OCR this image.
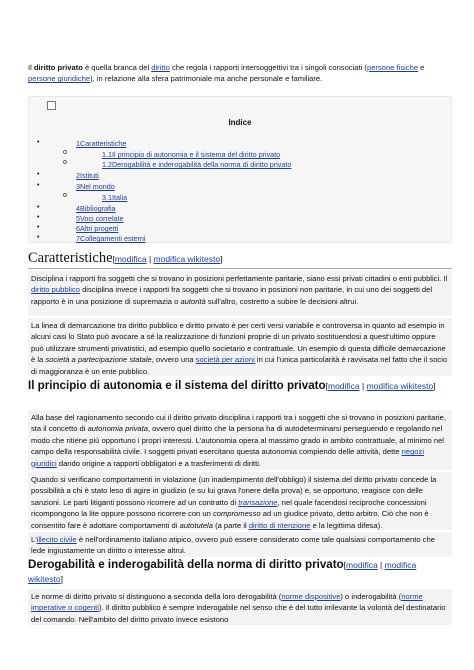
Il diritto privato è quella branca del diritto che regola i rapporti intersoggettivi tra i singoli consociati (persone fisiche e persone giuridiche), in relazione alla sfera patrimoniale ma anche personale e familiare.

Indice
•	1Caratteristiche
o	1.1Il principio di autonomia e il sistema del diritto privato
o	1.2Derogabilità e inderogabilità della norma di diritto privato
•	2Istituti
•	3Nel mondo
o	3.1Italia
•	4Bibliografia
•	5Voci correlate
•	6Altri progetti
•	7Collegamenti esterni
Caratteristiche[modifica | modifica wikitesto]

Disciplina i rapporti fra soggetti che si trovano in posizioni perfettamente paritarie, siano essi privati cittadini o enti pubblici. Il diritto pubblico disciplina invece i rapporti fra soggetti che si trovano in posizioni non paritarie, in cui uno dei soggetti del rapporto è in una posizione di supremazia o autorità sull'altro, costretto a subire le decisioni altrui.

La linea di demarcazione tra diritto pubblico e diritto privato è per certi versi variabile e controversa in quanto ad esempio in alcuni casi lo Stato può avocare a sé la realizzazione di funzioni proprie di un privato sostituendosi a quest'ultimo oppure può utilizzare strumenti privatistici, ad esempio quello societario e contrattuale. Un esempio di questa difficile demarcazione è la società a partecipazione statale, ovvero una società per azioni in cui l'unica particolarità è ravvisata nel fatto che il socio di maggioranza è un ente pubblico.

Il principio di autonomia e il sistema del diritto privato[modifica | modifica wikitesto]

Alla base del ragionamento secondo cui il diritto privato disciplina i rapporti tra i soggetti che si trovano in posizioni paritarie, sta il concetto di autonomia privata, ovvero quel diritto che la persona ha di autodeterminarsi perseguendo e regolando nel modo che ritiene più opportuno i propri interessi. L'autonomia opera al massimo grado in ambito contrattuale, al minimo nel campo della responsabilità civile. I soggetti privati esercitano questa autonomia compiendo delle attività, dette negozi giuridici dando origine a rapporti obbligatori e a trasferimenti di diritti.

Quando si verificano comportamenti in violazione (un inadempimento dell'obbligo) il sistema del diritto privato concede la possibilità a chi è stato leso di agire in giudizio (e su lui grava l'onere della prova) e, se opportuno, reagisce con delle sanzioni. Le parti litiganti possono ricorrere ad un contratto di transazione, nel quale facendosi reciproche concessioni ricompongono la lite oppure possono ricorrere con un compromesso ad un giudice privato, detto arbitro. Ciò che non è consentito fare è adottare comportamenti di autotutela (a parte il diritto di ritenzione e la legittima difesa).

L'illecito civile è nell'ordinamento italiano atipico, ovvero può essere considerato come tale qualsiasi comportamento che lede ingiustamente un diritto o interesse altrui.

Derogabilità e inderogabilità della norma di diritto privato[modifica | modifica wikitesto]

Le norme di diritto privato si distinguono a seconda della loro derogabilità (norme dispositive) o inderogabilità (norme imperative o cogenti). Il diritto pubblico è sempre inderogabile nel senso che è del tutto irrilevante la volontà del destinatario del comando. Nell'ambito del diritto privato invece esistono
